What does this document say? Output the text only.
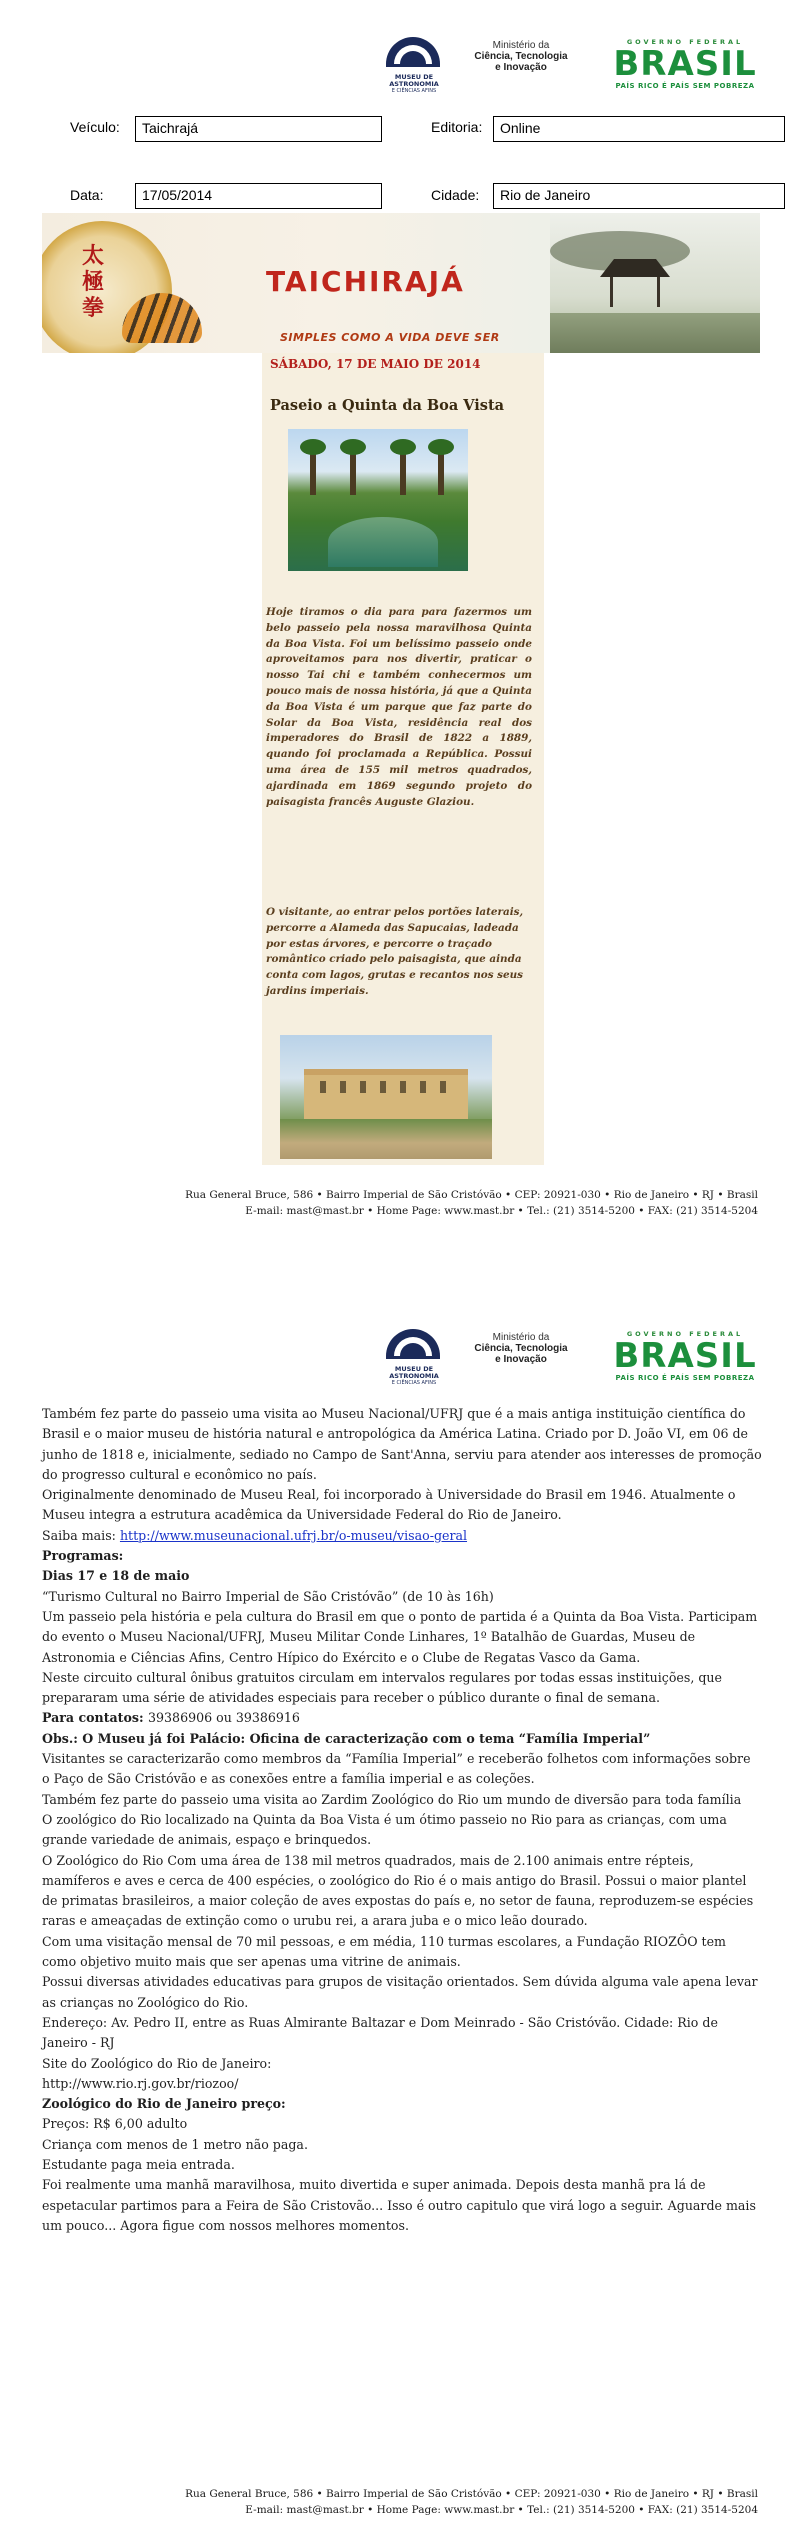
MUSEU DE ASTRONOMIA
E CIÊNCIAS AFINS
Ministério da
Ciência, Tecnologia
e Inovação
GOVERNO FEDERAL
BRASIL
PAÍS RICO É PAÍS SEM POBREZA
Veículo:	Taichrajá	Editoria:	Online
Data:	17/05/2014	Cidade:	Rio de Janeiro
太極拳
TAICHIRAJÁ
SIMPLES COMO A VIDA DEVE SER
SÁBADO, 17 DE MAIO DE 2014
Paseio a Quinta da Boa Vista
Hoje tiramos o dia para para fazermos um belo passeio pela nossa maravilhosa Quinta da Boa Vista. Foi um belíssimo passeio onde aproveitamos para nos divertir, praticar o nosso Tai chi e também conhecermos um pouco mais de nossa história, já que a Quinta da Boa Vista é um parque que faz parte do Solar da Boa Vista, residência real dos imperadores do Brasil de 1822 a 1889, quando foi proclamada a República. Possui uma área de 155 mil metros quadrados, ajardinada em 1869 segundo projeto do paisagista francês Auguste Glaziou.
O visitante, ao entrar pelos portões laterais, percorre a Alameda das Sapucaias, ladeada por estas árvores, e percorre o traçado romântico criado pelo paisagista, que ainda conta com lagos, grutas e recantos nos seus jardins imperiais.
Rua General Bruce, 586 • Bairro Imperial de São Cristóvão • CEP: 20921-030 • Rio de Janeiro • RJ • Brasil
E-mail: mast@mast.br • Home Page: www.mast.br • Tel.: (21) 3514-5200 • FAX: (21) 3514-5204
MUSEU DE ASTRONOMIA
E CIÊNCIAS AFINS
Ministério da
Ciência, Tecnologia
e Inovação
GOVERNO FEDERAL
BRASIL
PAÍS RICO É PAÍS SEM POBREZA

Também fez parte do passeio uma visita ao Museu Nacional/UFRJ que é a mais antiga instituição científica do Brasil e o maior museu de história natural e antropológica da América Latina. Criado por D. João VI, em 06 de junho de 1818 e, inicialmente, sediado no Campo de Sant'Anna, serviu para atender aos interesses de promoção do progresso cultural e econômico no país.

Originalmente denominado de Museu Real, foi incorporado à Universidade do Brasil em 1946. Atualmente o Museu integra a estrutura acadêmica da Universidade Federal do Rio de Janeiro.

Saiba mais: http://www.museunacional.ufrj.br/o-museu/visao-geral

Programas:

Dias 17 e 18 de maio

“Turismo Cultural no Bairro Imperial de São Cristóvão” (de 10 às 16h)

Um passeio pela história e pela cultura do Brasil em que o ponto de partida é a Quinta da Boa Vista. Participam do evento o Museu Nacional/UFRJ, Museu Militar Conde Linhares, 1º Batalhão de Guardas, Museu de Astronomia e Ciências Afins, Centro Hípico do Exército e o Clube de Regatas Vasco da Gama.

Neste circuito cultural ônibus gratuitos circulam em intervalos regulares por todas essas instituições, que prepararam uma série de atividades especiais para receber o público durante o final de semana.

Para contatos: 39386906 ou 39386916

Obs.: O Museu já foi Palácio: Oficina de caracterização com o tema “Família Imperial”

Visitantes se caracterizarão como membros da “Família Imperial” e receberão folhetos com informações sobre o Paço de São Cristóvão e as conexões entre a família imperial e as coleções.

Também fez parte do passeio uma visita ao Zardim Zoológico do Rio um mundo de diversão para toda família

O zoológico do Rio localizado na Quinta da Boa Vista é um ótimo passeio no Rio para as crianças, com uma grande variedade de animais, espaço e brinquedos.

O Zoológico do Rio Com uma área de 138 mil metros quadrados, mais de 2.100 animais entre répteis, mamíferos e aves e cerca de 400 espécies, o zoológico do Rio é o mais antigo do Brasil. Possui o maior plantel de primatas brasileiros, a maior coleção de aves expostas do país e, no setor de fauna, reproduzem-se espécies raras e ameaçadas de extinção como o urubu rei, a arara juba e o mico leão dourado.

Com uma visitação mensal de 70 mil pessoas, e em média, 110 turmas escolares, a Fundação RIOZÔO tem como objetivo muito mais que ser apenas uma vitrine de animais.

Possui diversas atividades educativas para grupos de visitação orientados. Sem dúvida alguma vale apena levar as crianças no Zoológico do Rio.

Endereço: Av. Pedro II, entre as Ruas Almirante Baltazar e Dom Meinrado - São Cristóvão. Cidade: Rio de Janeiro - RJ

Site do Zoológico do Rio de Janeiro:

http://www.rio.rj.gov.br/riozoo/

Zoológico do Rio de Janeiro preço:

Preços: R$ 6,00 adulto

Criança com menos de 1 metro não paga.

Estudante paga meia entrada.

Foi realmente uma manhã maravilhosa, muito divertida e super animada. Depois desta manhã pra lá de espetacular partimos para a Feira de São Cristovão... Isso é outro capitulo que virá logo a seguir. Aguarde mais um pouco... Agora figue com nossos melhores momentos.

Rua General Bruce, 586 • Bairro Imperial de São Cristóvão • CEP: 20921-030 • Rio de Janeiro • RJ • Brasil
E-mail: mast@mast.br • Home Page: www.mast.br • Tel.: (21) 3514-5200 • FAX: (21) 3514-5204
